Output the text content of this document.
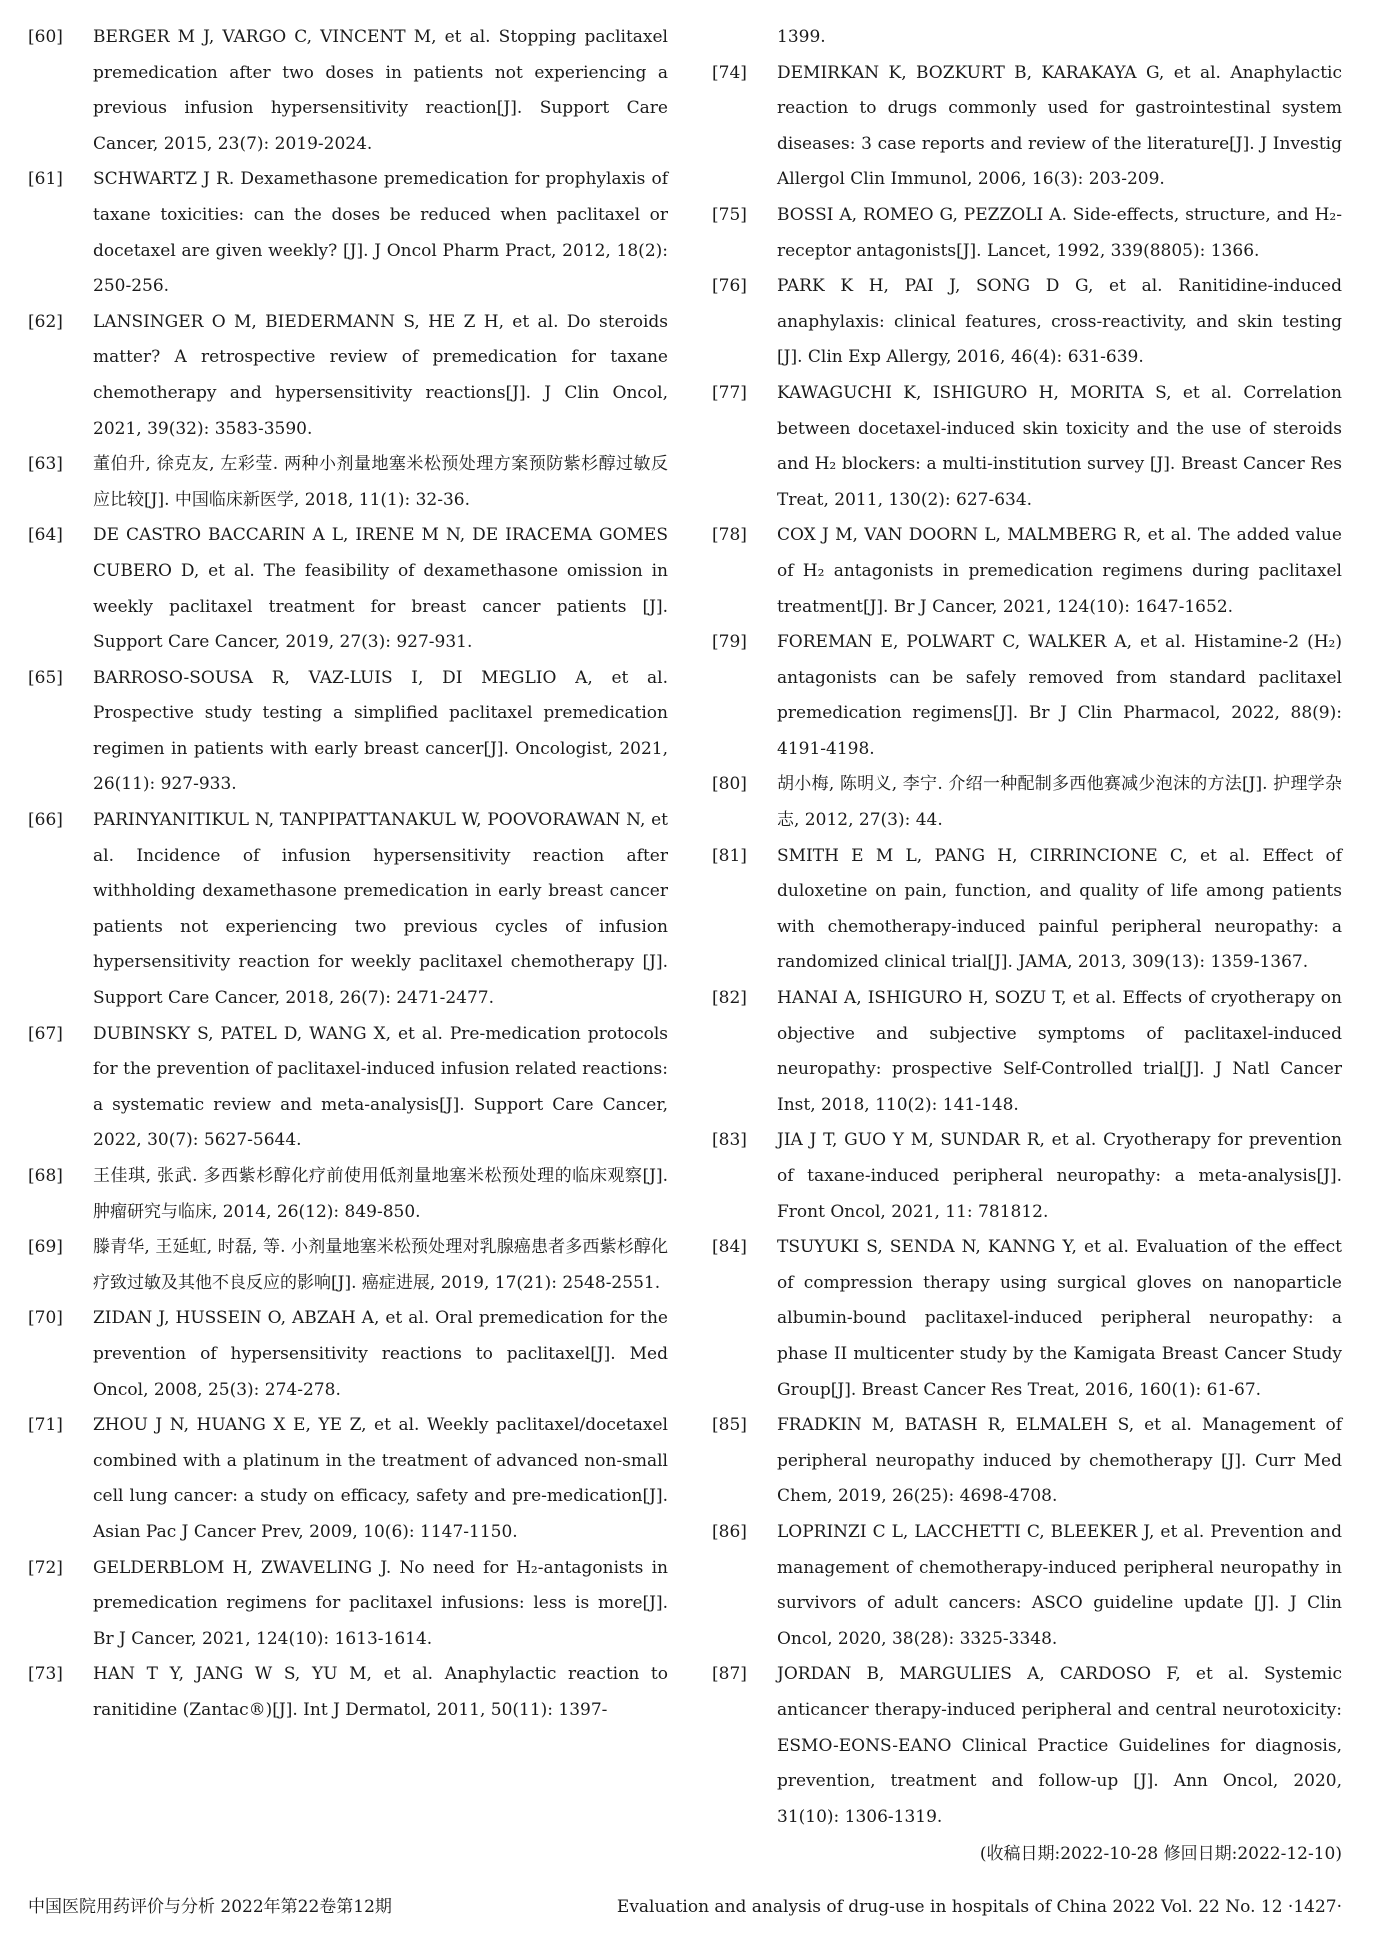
[60] BERGER M J, VARGO C, VINCENT M, et al. Stopping paclitaxel premedication after two doses in patients not experiencing a previous infusion hypersensitivity reaction[J]. Support Care Cancer, 2015, 23(7): 2019-2024.
[61] SCHWARTZ J R. Dexamethasone premedication for prophylaxis of taxane toxicities: can the doses be reduced when paclitaxel or docetaxel are given weekly? [J]. J Oncol Pharm Pract, 2012, 18(2): 250-256.
[62] LANSINGER O M, BIEDERMANN S, HE Z H, et al. Do steroids matter? A retrospective review of premedication for taxane chemotherapy and hypersensitivity reactions[J]. J Clin Oncol, 2021, 39(32): 3583-3590.
[63] 董伯升, 徐克友, 左彩莹. 两种小剂量地塞米松预处理方案预防紫杉醇过敏反应比较[J]. 中国临床新医学, 2018, 11(1): 32-36.
[64] DE CASTRO BACCARIN A L, IRENE M N, DE IRACEMA GOMES CUBERO D, et al. The feasibility of dexamethasone omission in weekly paclitaxel treatment for breast cancer patients [J]. Support Care Cancer, 2019, 27(3): 927-931.
[65] BARROSO-SOUSA R, VAZ-LUIS I, DI MEGLIO A, et al. Prospective study testing a simplified paclitaxel premedication regimen in patients with early breast cancer[J]. Oncologist, 2021, 26(11): 927-933.
[66] PARINYANITIKUL N, TANPIPATTANAKUL W, POOVORAWAN N, et al. Incidence of infusion hypersensitivity reaction after withholding dexamethasone premedication in early breast cancer patients not experiencing two previous cycles of infusion hypersensitivity reaction for weekly paclitaxel chemotherapy [J]. Support Care Cancer, 2018, 26(7): 2471-2477.
[67] DUBINSKY S, PATEL D, WANG X, et al. Pre-medication protocols for the prevention of paclitaxel-induced infusion related reactions: a systematic review and meta-analysis[J]. Support Care Cancer, 2022, 30(7): 5627-5644.
[68] 王佳琪, 张武. 多西紫杉醇化疗前使用低剂量地塞米松预处理的临床观察[J]. 肿瘤研究与临床, 2014, 26(12): 849-850.
[69] 滕青华, 王延虹, 时磊, 等. 小剂量地塞米松预处理对乳腺癌患者多西紫杉醇化疗致过敏及其他不良反应的影响[J]. 癌症进展, 2019, 17(21): 2548-2551.
[70] ZIDAN J, HUSSEIN O, ABZAH A, et al. Oral premedication for the prevention of hypersensitivity reactions to paclitaxel[J]. Med Oncol, 2008, 25(3): 274-278.
[71] ZHOU J N, HUANG X E, YE Z, et al. Weekly paclitaxel/docetaxel combined with a platinum in the treatment of advanced non-small cell lung cancer: a study on efficacy, safety and pre-medication[J]. Asian Pac J Cancer Prev, 2009, 10(6): 1147-1150.
[72] GELDERBLOM H, ZWAVELING J. No need for H₂-antagonists in premedication regimens for paclitaxel infusions: less is more[J]. Br J Cancer, 2021, 124(10): 1613-1614.
[73] HAN T Y, JANG W S, YU M, et al. Anaphylactic reaction to ranitidine (Zantac®)[J]. Int J Dermatol, 2011, 50(11): 1397-
1399.
[74] DEMIRKAN K, BOZKURT B, KARAKAYA G, et al. Anaphylactic reaction to drugs commonly used for gastrointestinal system diseases: 3 case reports and review of the literature[J]. J Investig Allergol Clin Immunol, 2006, 16(3): 203-209.
[75] BOSSI A, ROMEO G, PEZZOLI A. Side-effects, structure, and H₂-receptor antagonists[J]. Lancet, 1992, 339(8805): 1366.
[76] PARK K H, PAI J, SONG D G, et al. Ranitidine-induced anaphylaxis: clinical features, cross-reactivity, and skin testing [J]. Clin Exp Allergy, 2016, 46(4): 631-639.
[77] KAWAGUCHI K, ISHIGURO H, MORITA S, et al. Correlation between docetaxel-induced skin toxicity and the use of steroids and H₂ blockers: a multi-institution survey [J]. Breast Cancer Res Treat, 2011, 130(2): 627-634.
[78] COX J M, VAN DOORN L, MALMBERG R, et al. The added value of H₂ antagonists in premedication regimens during paclitaxel treatment[J]. Br J Cancer, 2021, 124(10): 1647-1652.
[79] FOREMAN E, POLWART C, WALKER A, et al. Histamine-2 (H₂) antagonists can be safely removed from standard paclitaxel premedication regimens[J]. Br J Clin Pharmacol, 2022, 88(9): 4191-4198.
[80] 胡小梅, 陈明义, 李宁. 介绍一种配制多西他赛减少泡沫的方法[J]. 护理学杂志, 2012, 27(3): 44.
[81] SMITH E M L, PANG H, CIRRINCIONE C, et al. Effect of duloxetine on pain, function, and quality of life among patients with chemotherapy-induced painful peripheral neuropathy: a randomized clinical trial[J]. JAMA, 2013, 309(13): 1359-1367.
[82] HANAI A, ISHIGURO H, SOZU T, et al. Effects of cryotherapy on objective and subjective symptoms of paclitaxel-induced neuropathy: prospective Self-Controlled trial[J]. J Natl Cancer Inst, 2018, 110(2): 141-148.
[83] JIA J T, GUO Y M, SUNDAR R, et al. Cryotherapy for prevention of taxane-induced peripheral neuropathy: a meta-analysis[J]. Front Oncol, 2021, 11: 781812.
[84] TSUYUKI S, SENDA N, KANNG Y, et al. Evaluation of the effect of compression therapy using surgical gloves on nanoparticle albumin-bound paclitaxel-induced peripheral neuropathy: a phase II multicenter study by the Kamigata Breast Cancer Study Group[J]. Breast Cancer Res Treat, 2016, 160(1): 61-67.
[85] FRADKIN M, BATASH R, ELMALEH S, et al. Management of peripheral neuropathy induced by chemotherapy [J]. Curr Med Chem, 2019, 26(25): 4698-4708.
[86] LOPRINZI C L, LACCHETTI C, BLEEKER J, et al. Prevention and management of chemotherapy-induced peripheral neuropathy in survivors of adult cancers: ASCO guideline update [J]. J Clin Oncol, 2020, 38(28): 3325-3348.
[87] JORDAN B, MARGULIES A, CARDOSO F, et al. Systemic anticancer therapy-induced peripheral and central neurotoxicity: ESMO-EONS-EANO Clinical Practice Guidelines for diagnosis, prevention, treatment and follow-up [J]. Ann Oncol, 2020, 31(10): 1306-1319.
(收稿日期:2022-10-28 修回日期:2022-12-10)
中国医院用药评价与分析 2022年第22卷第12期	Evaluation and analysis of drug-use in hospitals of China 2022 Vol. 22 No. 12 ·1427·
